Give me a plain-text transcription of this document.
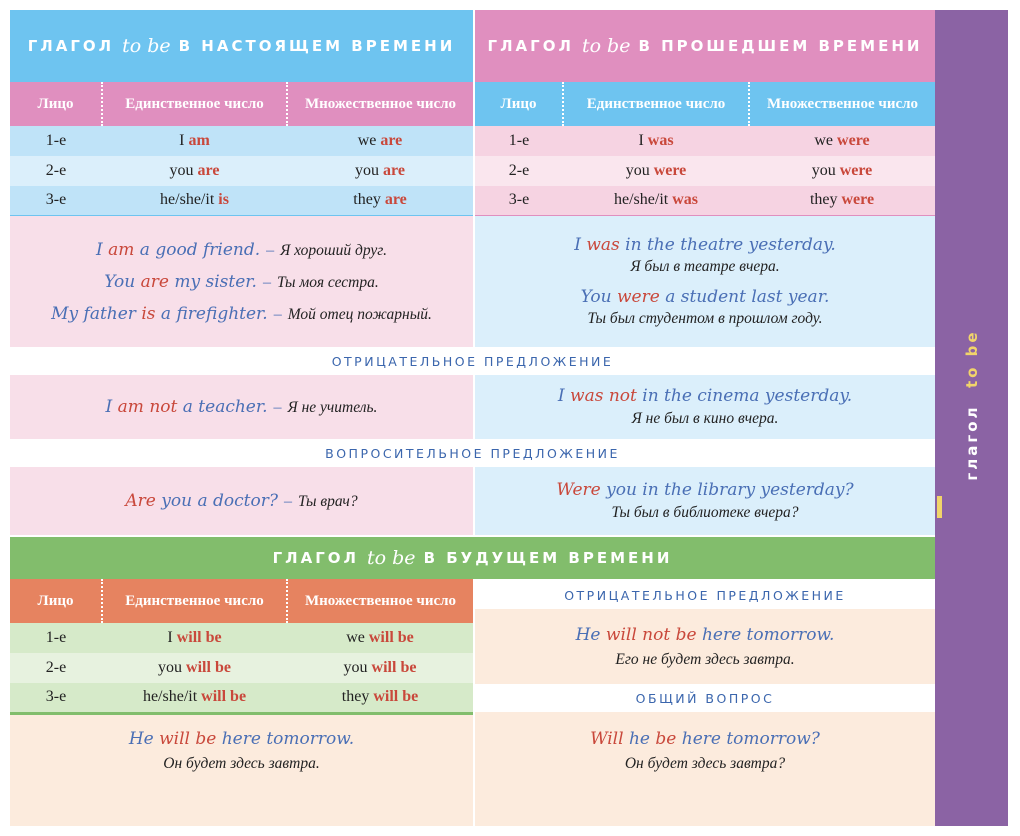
ГЛАГОЛ to be В НАСТОЯЩЕМ ВРЕМЕНИ
Лицо	Единственное число	Множественное число
1-е	I am	we are
2-е	you are	you are
3-е	he/she/it is	they are
I am a good friend. – Я хороший друг.
You are my sister. – Ты моя сестра.
My father is a firefighter. – Мой отец пожарный.
ГЛАГОЛ to be В ПРОШЕДШЕМ ВРЕМЕНИ
Лицо	Единственное число	Множественное число
1-е	I was	we were
2-е	you were	you were
3-е	he/she/it was	they were
I was in the theatre yesterday.
Я был в театре вчера.
You were a student last year.
Ты был студентом в прошлом году.
ОТРИЦАТЕЛЬНОЕ ПРЕДЛОЖЕНИЕ
I am not a teacher. – Я не учитель.
I was not in the cinema yesterday.
Я не был в кино вчера.
ВОПРОСИТЕЛЬНОЕ ПРЕДЛОЖЕНИЕ
Are you a doctor? – Ты врач?
Were you in the library yesterday?
Ты был в библиотеке вчера?
ГЛАГОЛ to be В БУДУЩЕМ ВРЕМЕНИ
Лицо	Единственное число	Множественное число
1-е	I will be	we will be
2-е	you will be	you will be
3-е	he/she/it will be	they will be
He will be here tomorrow.
Он будет здесь завтра.
ОТРИЦАТЕЛЬНОЕ ПРЕДЛОЖЕНИЕ
He will not be here tomorrow.
Его не будет здесь завтра.
ОБЩИЙ ВОПРОС
Will he be here tomorrow?
Он будет здесь завтра?
глагол  to be
